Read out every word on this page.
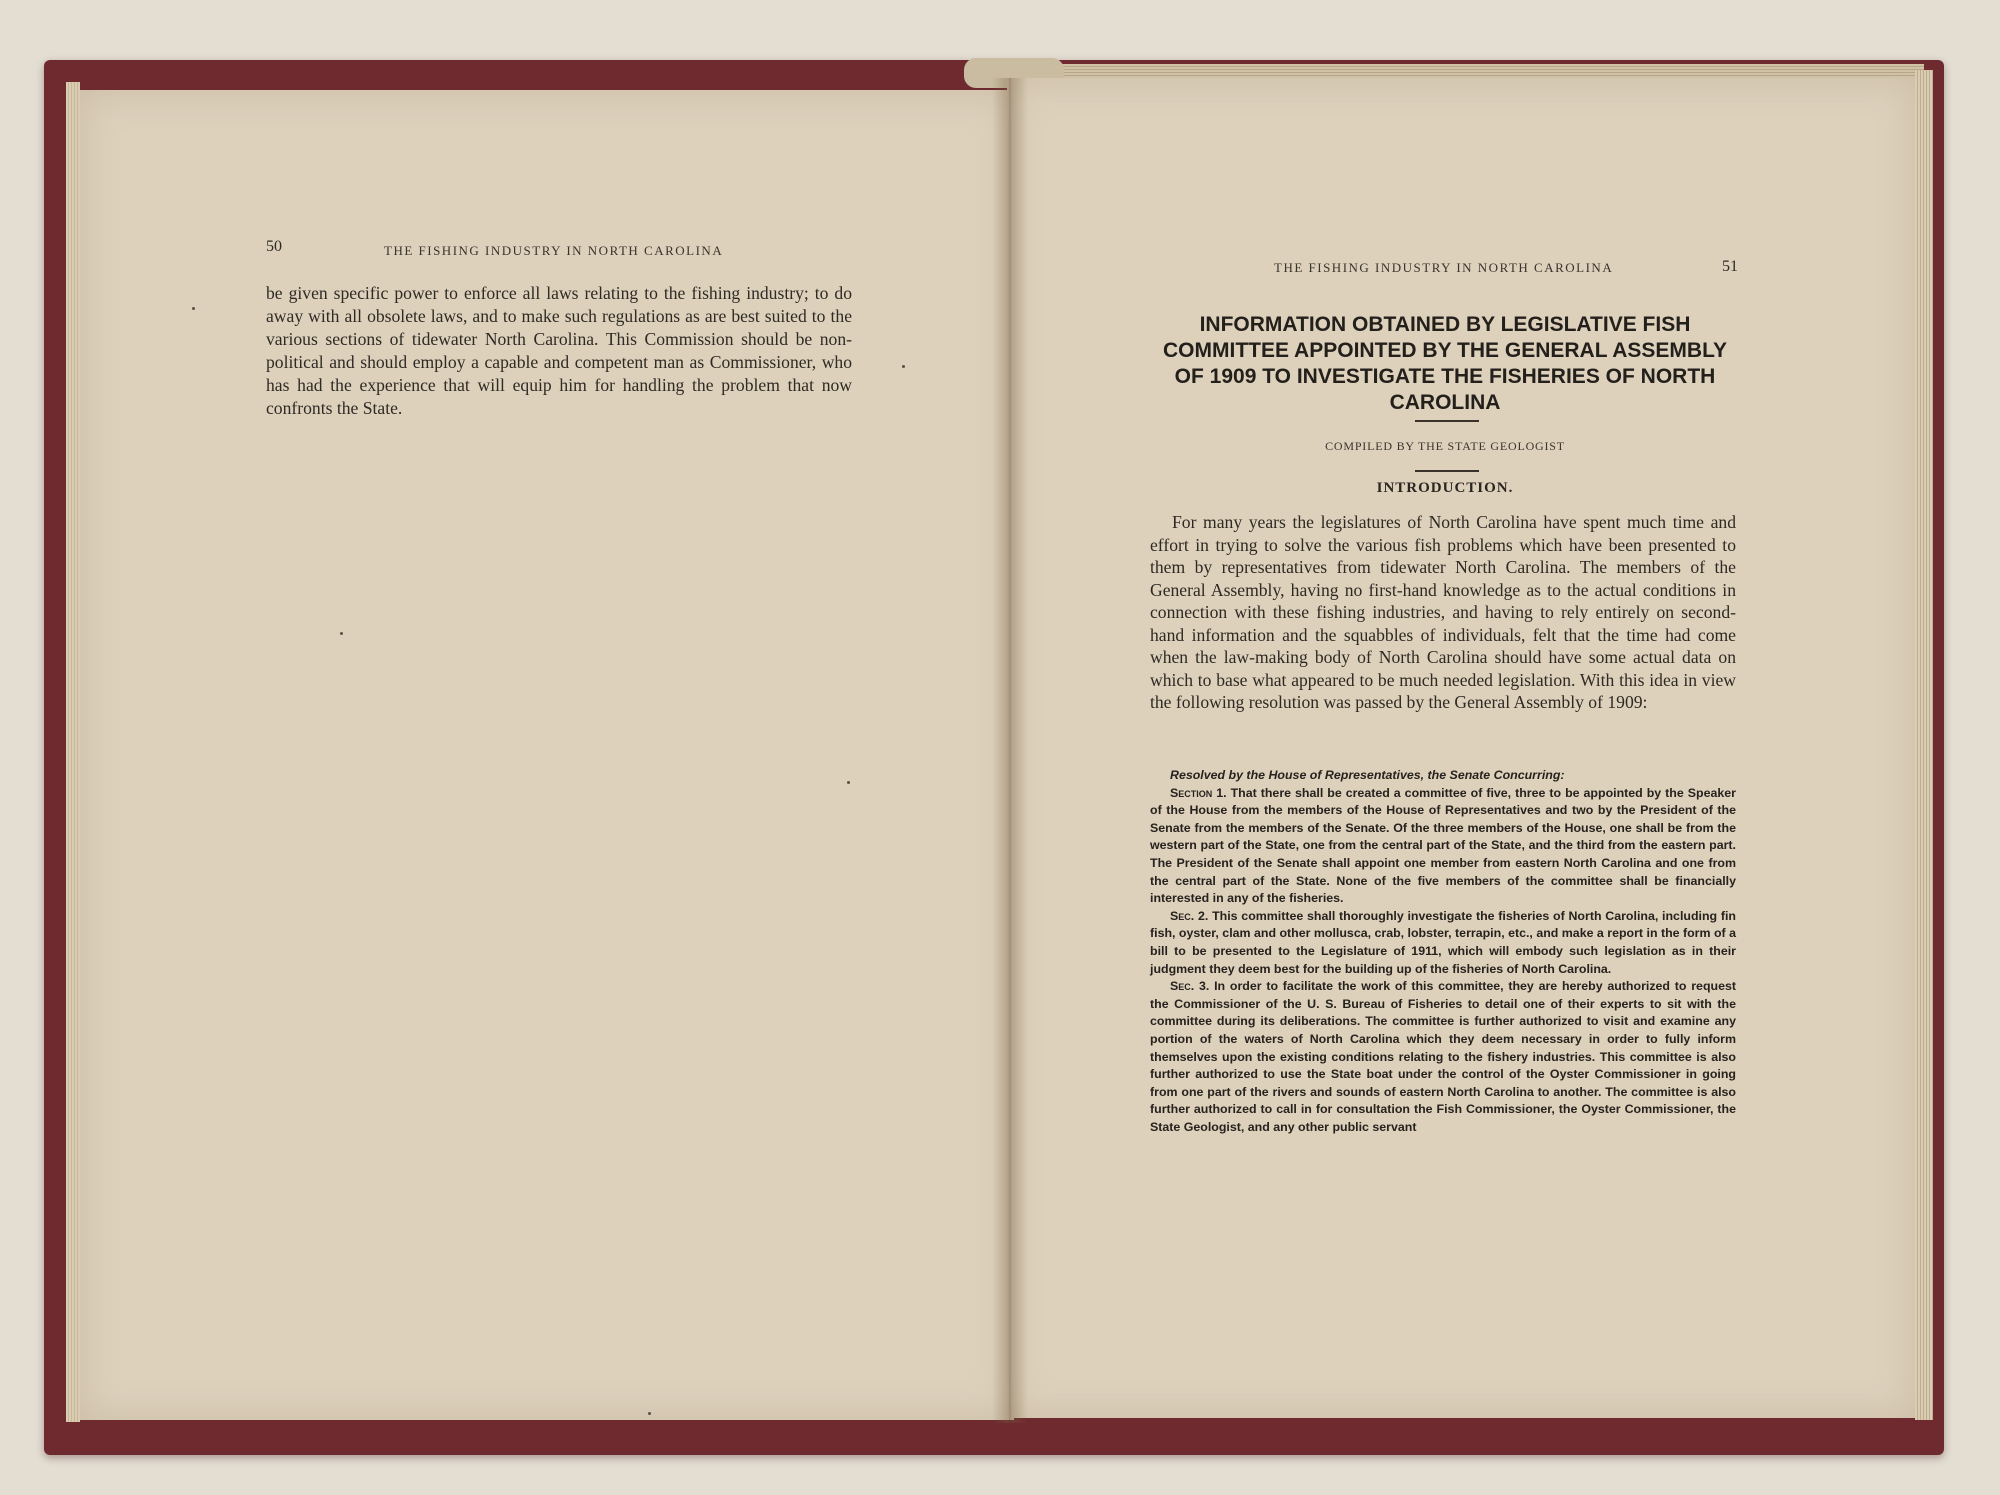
50	THE FISHING INDUSTRY IN NORTH CAROLINA
be given specific power to enforce all laws relating to the fishing industry; to do away with all obsolete laws, and to make such regulations as are best suited to the various sections of tidewater North Carolina. This Commission should be non-political and should employ a capable and competent man as Commissioner, who has had the experience that will equip him for handling the problem that now confronts the State.
THE FISHING INDUSTRY IN NORTH CAROLINA	51
INFORMATION OBTAINED BY LEGISLATIVE FISH COMMITTEE APPOINTED BY THE GENERAL ASSEMBLY OF 1909 TO INVESTIGATE THE FISHERIES OF NORTH CAROLINA
COMPILED BY THE STATE GEOLOGIST
INTRODUCTION.
For many years the legislatures of North Carolina have spent much time and effort in trying to solve the various fish problems which have been presented to them by representatives from tidewater North Carolina. The members of the General Assembly, having no first-hand knowledge as to the actual conditions in connection with these fishing industries, and having to rely entirely on second-hand information and the squabbles of individuals, felt that the time had come when the law-making body of North Carolina should have some actual data on which to base what appeared to be much needed legislation. With this idea in view the following resolution was passed by the General Assembly of 1909:

Resolved by the House of Representatives, the Senate Concurring:

Section 1. That there shall be created a committee of five, three to be appointed by the Speaker of the House from the members of the House of Representatives and two by the President of the Senate from the members of the Senate. Of the three members of the House, one shall be from the western part of the State, one from the central part of the State, and the third from the eastern part. The President of the Senate shall appoint one member from eastern North Carolina and one from the central part of the State. None of the five members of the committee shall be financially interested in any of the fisheries.

Sec. 2. This committee shall thoroughly investigate the fisheries of North Carolina, including fin fish, oyster, clam and other mollusca, crab, lobster, terrapin, etc., and make a report in the form of a bill to be presented to the Legislature of 1911, which will embody such legislation as in their judgment they deem best for the building up of the fisheries of North Carolina.

Sec. 3. In order to facilitate the work of this committee, they are hereby authorized to request the Commissioner of the U. S. Bureau of Fisheries to detail one of their experts to sit with the committee during its deliberations. The committee is further authorized to visit and examine any portion of the waters of North Carolina which they deem necessary in order to fully inform themselves upon the existing conditions relating to the fishery industries. This committee is also further authorized to use the State boat under the control of the Oyster Commissioner in going from one part of the rivers and sounds of eastern North Carolina to another. The committee is also further authorized to call in for consultation the Fish Commissioner, the Oyster Commissioner, the State Geologist, and any other public servant
